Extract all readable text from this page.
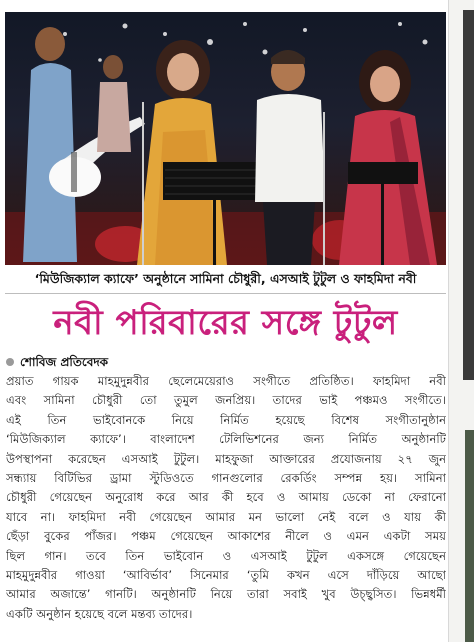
‘মিউজিক্যাল ক্যাফে’ অনুষ্ঠানে সামিনা চৌধুরী, এসআই টুটুল ও ফাহমিদা নবী
নবী পরিবারের সঙ্গে টুটুল
শোবিজ প্রতিবেদক
প্রয়াত গায়ক মাহমুদুন্নবীর ছেলেমেয়েরাও সংগীতে প্রতিষ্ঠিত। ফাহমিদা নবী
এবং সামিনা চৌধুরী তো তুমুল জনপ্রিয়। তাদের ভাই পঞ্চমও সংগীতে।
এই তিন ভাইবোনকে নিয়ে নির্মিত হয়েছে বিশেষ সংগীতানুষ্ঠান
‘মিউজিক্যাল ক্যাফে’। বাংলাদেশ টেলিভিশনের জন্য নির্মিত অনুষ্ঠানটি
উপস্থাপনা করেছেন এসআই টুটুল। মাহফুজা আক্তারের প্রযোজনায় ২৭ জুন
সন্ধ্যায় বিটিভির ড্রামা স্টুডিওতে গানগুলোর রেকর্ডিং সম্পন্ন হয়। সামিনা
চৌধুরী গেয়েছেন অনুরোধ করে আর কী হবে ও আমায় ডেকো না ফেরানো
যাবে না। ফাহমিদা নবী গেয়েছেন আমার মন ভালো নেই বলে ও যায় কী
ছেঁড়া বুকের পাঁজর। পঞ্চম গেয়েছেন আকাশের নীলে ও এমন একটা সময়
ছিল গান। তবে তিন ভাইবোন ও এসআই টুটুল একসঙ্গে গেয়েছেন
মাহমুদুন্নবীর গাওয়া ‘আবির্ভাব’ সিনেমার ‘তুমি কখন এসে দাঁড়িয়ে আছো
আমার অজান্তে’ গানটি। অনুষ্ঠানটি নিয়ে তারা সবাই খুব উচ্ছ্বসিত। ভিন্নধর্মী
একটি অনুষ্ঠান হয়েছে বলে মন্তব্য তাদের।
